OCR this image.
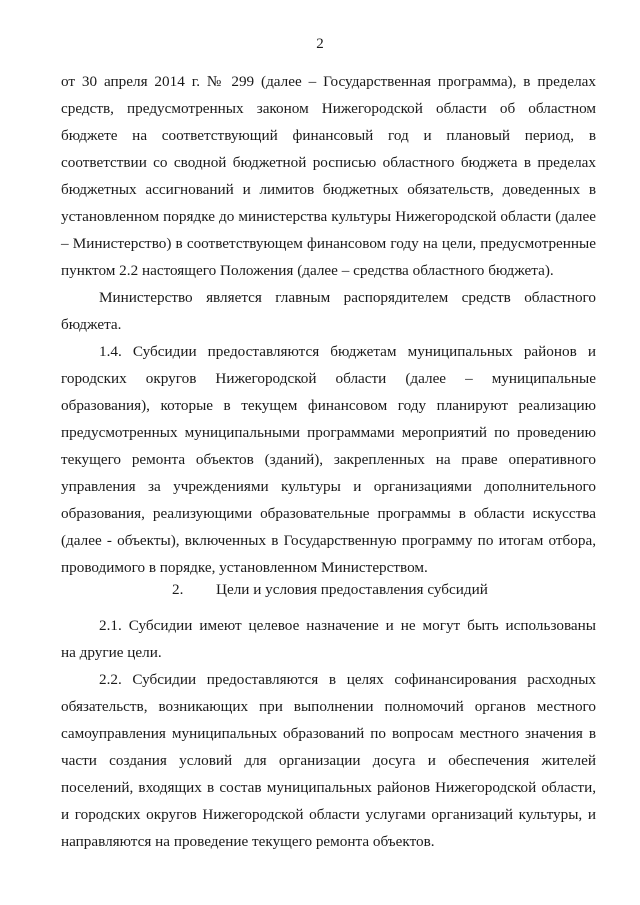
2
от 30 апреля 2014 г. № 299 (далее – Государственная программа), в пределах
средств, предусмотренных законом Нижегородской области об областном
бюджете на соответствующий финансовый год и плановый период, в
соответствии со сводной бюджетной росписью областного бюджета в пределах
бюджетных ассигнований и лимитов бюджетных обязательств, доведенных в
установленном порядке до министерства культуры Нижегородской области (далее
– Министерство) в соответствующем финансовом году на цели, предусмотренные
пунктом 2.2 настоящего Положения (далее – средства областного бюджета).
Министерство является главным распорядителем средств областного
бюджета.
1.4. Субсидии предоставляются бюджетам муниципальных районов и
городских округов Нижегородской области (далее – муниципальные
образования), которые в текущем финансовом году планируют реализацию
предусмотренных муниципальными программами мероприятий по проведению
текущего ремонта объектов (зданий), закрепленных на праве оперативного
управления за учреждениями культуры и организациями дополнительного
образования, реализующими образовательные программы в области искусства
(далее - объекты), включенных в Государственную программу по итогам отбора,
проводимого в порядке, установленном Министерством.
2. Цели и условия предоставления субсидий
2.1. Субсидии имеют целевое назначение и не могут быть использованы
на другие цели.
2.2. Субсидии предоставляются в целях софинансирования расходных
обязательств, возникающих при выполнении полномочий органов местного
самоуправления муниципальных образований по вопросам местного значения в
части создания условий для организации досуга и обеспечения жителей
поселений, входящих в состав муниципальных районов Нижегородской области,
и городских округов Нижегородской области услугами организаций культуры, и
направляются на проведение текущего ремонта объектов.
